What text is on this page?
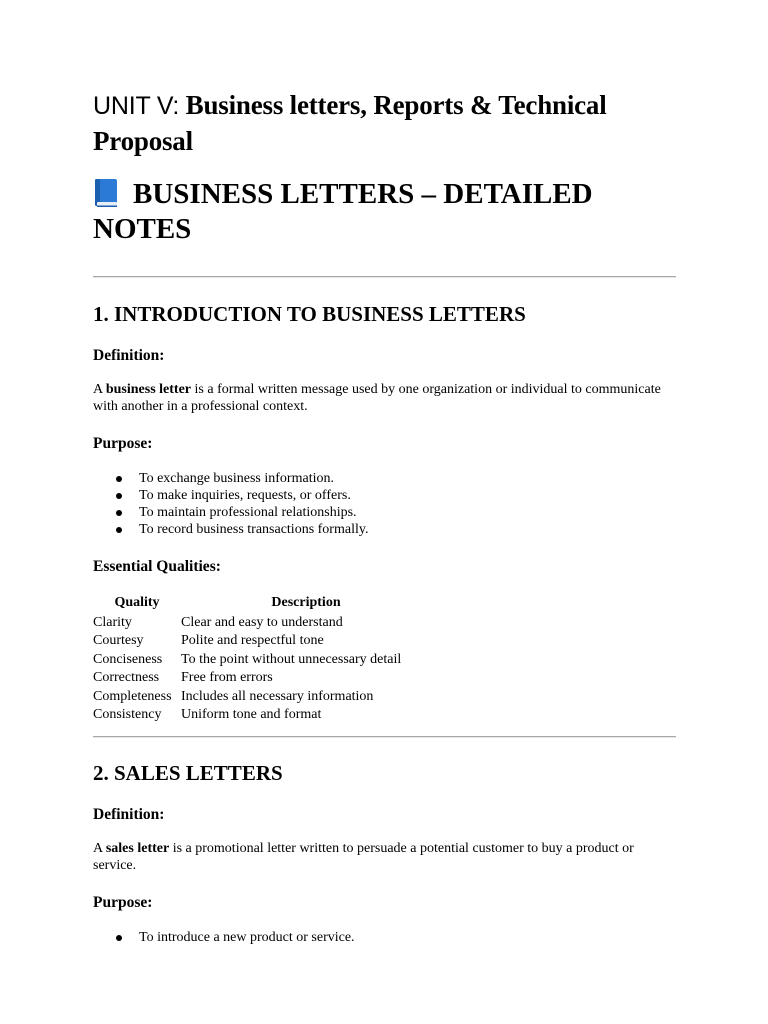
UNIT V: Business letters, Reports & Technical Proposal
BUSINESS LETTERS – DETAILED NOTES
1. INTRODUCTION TO BUSINESS LETTERS
Definition:

A business letter is a formal written message used by one organization or individual to communicate with another in a professional context.

Purpose:
To exchange business information.
To make inquiries, requests, or offers.
To maintain professional relationships.
To record business transactions formally.
Essential Qualities:
Quality	Description
Clarity	Clear and easy to understand
Courtesy	Polite and respectful tone
Conciseness	To the point without unnecessary detail
Correctness	Free from errors
Completeness	Includes all necessary information
Consistency	Uniform tone and format
2. SALES LETTERS
Definition:

A sales letter is a promotional letter written to persuade a potential customer to buy a product or service.

Purpose:
To introduce a new product or service.
